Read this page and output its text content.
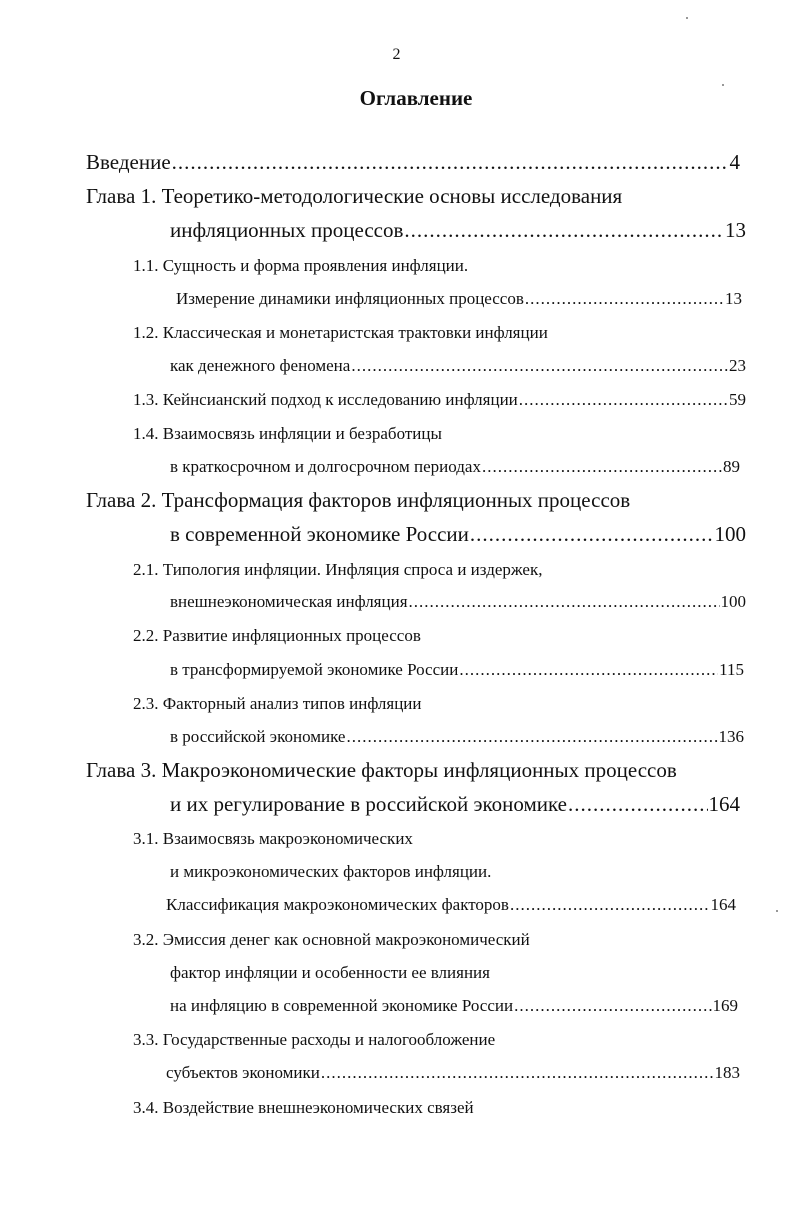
2
Оглавление
Введение .....	4
Глава 1. Теоретико-методологические основы исследования
инфляционных процессов .....	13
1.1. Сущность и форма проявления инфляции.
Измерение динамики инфляционных процессов .....	13
1.2. Классическая и монетаристская трактовки инфляции
как денежного феномена .....	23
1.3. Кейнсианский подход к исследованию инфляции .....	59
1.4. Взаимосвязь инфляции и безработицы
в краткосрочном и долгосрочном периодах .....	89
Глава 2. Трансформация факторов инфляционных процессов
в современной экономике России .....	100
2.1. Типология инфляции. Инфляция спроса и издержек,
внешнеэкономическая инфляция .....	100
2.2. Развитие инфляционных процессов
в трансформируемой экономике России .....	115
2.3. Факторный анализ типов инфляции
в российской экономике .....	136
Глава 3. Макроэкономические факторы инфляционных процессов
и их регулирование в российской экономике .....	164
3.1. Взаимосвязь макроэкономических
и микроэкономических факторов инфляции.
Классификация макроэкономических факторов .....	164
3.2. Эмиссия денег как основной макроэкономический
фактор инфляции и особенности ее влияния
на инфляцию в современной экономике России .....	169
3.3. Государственные расходы и налогообложение
субъектов экономики .....	183
3.4. Воздействие внешнеэкономических связей
